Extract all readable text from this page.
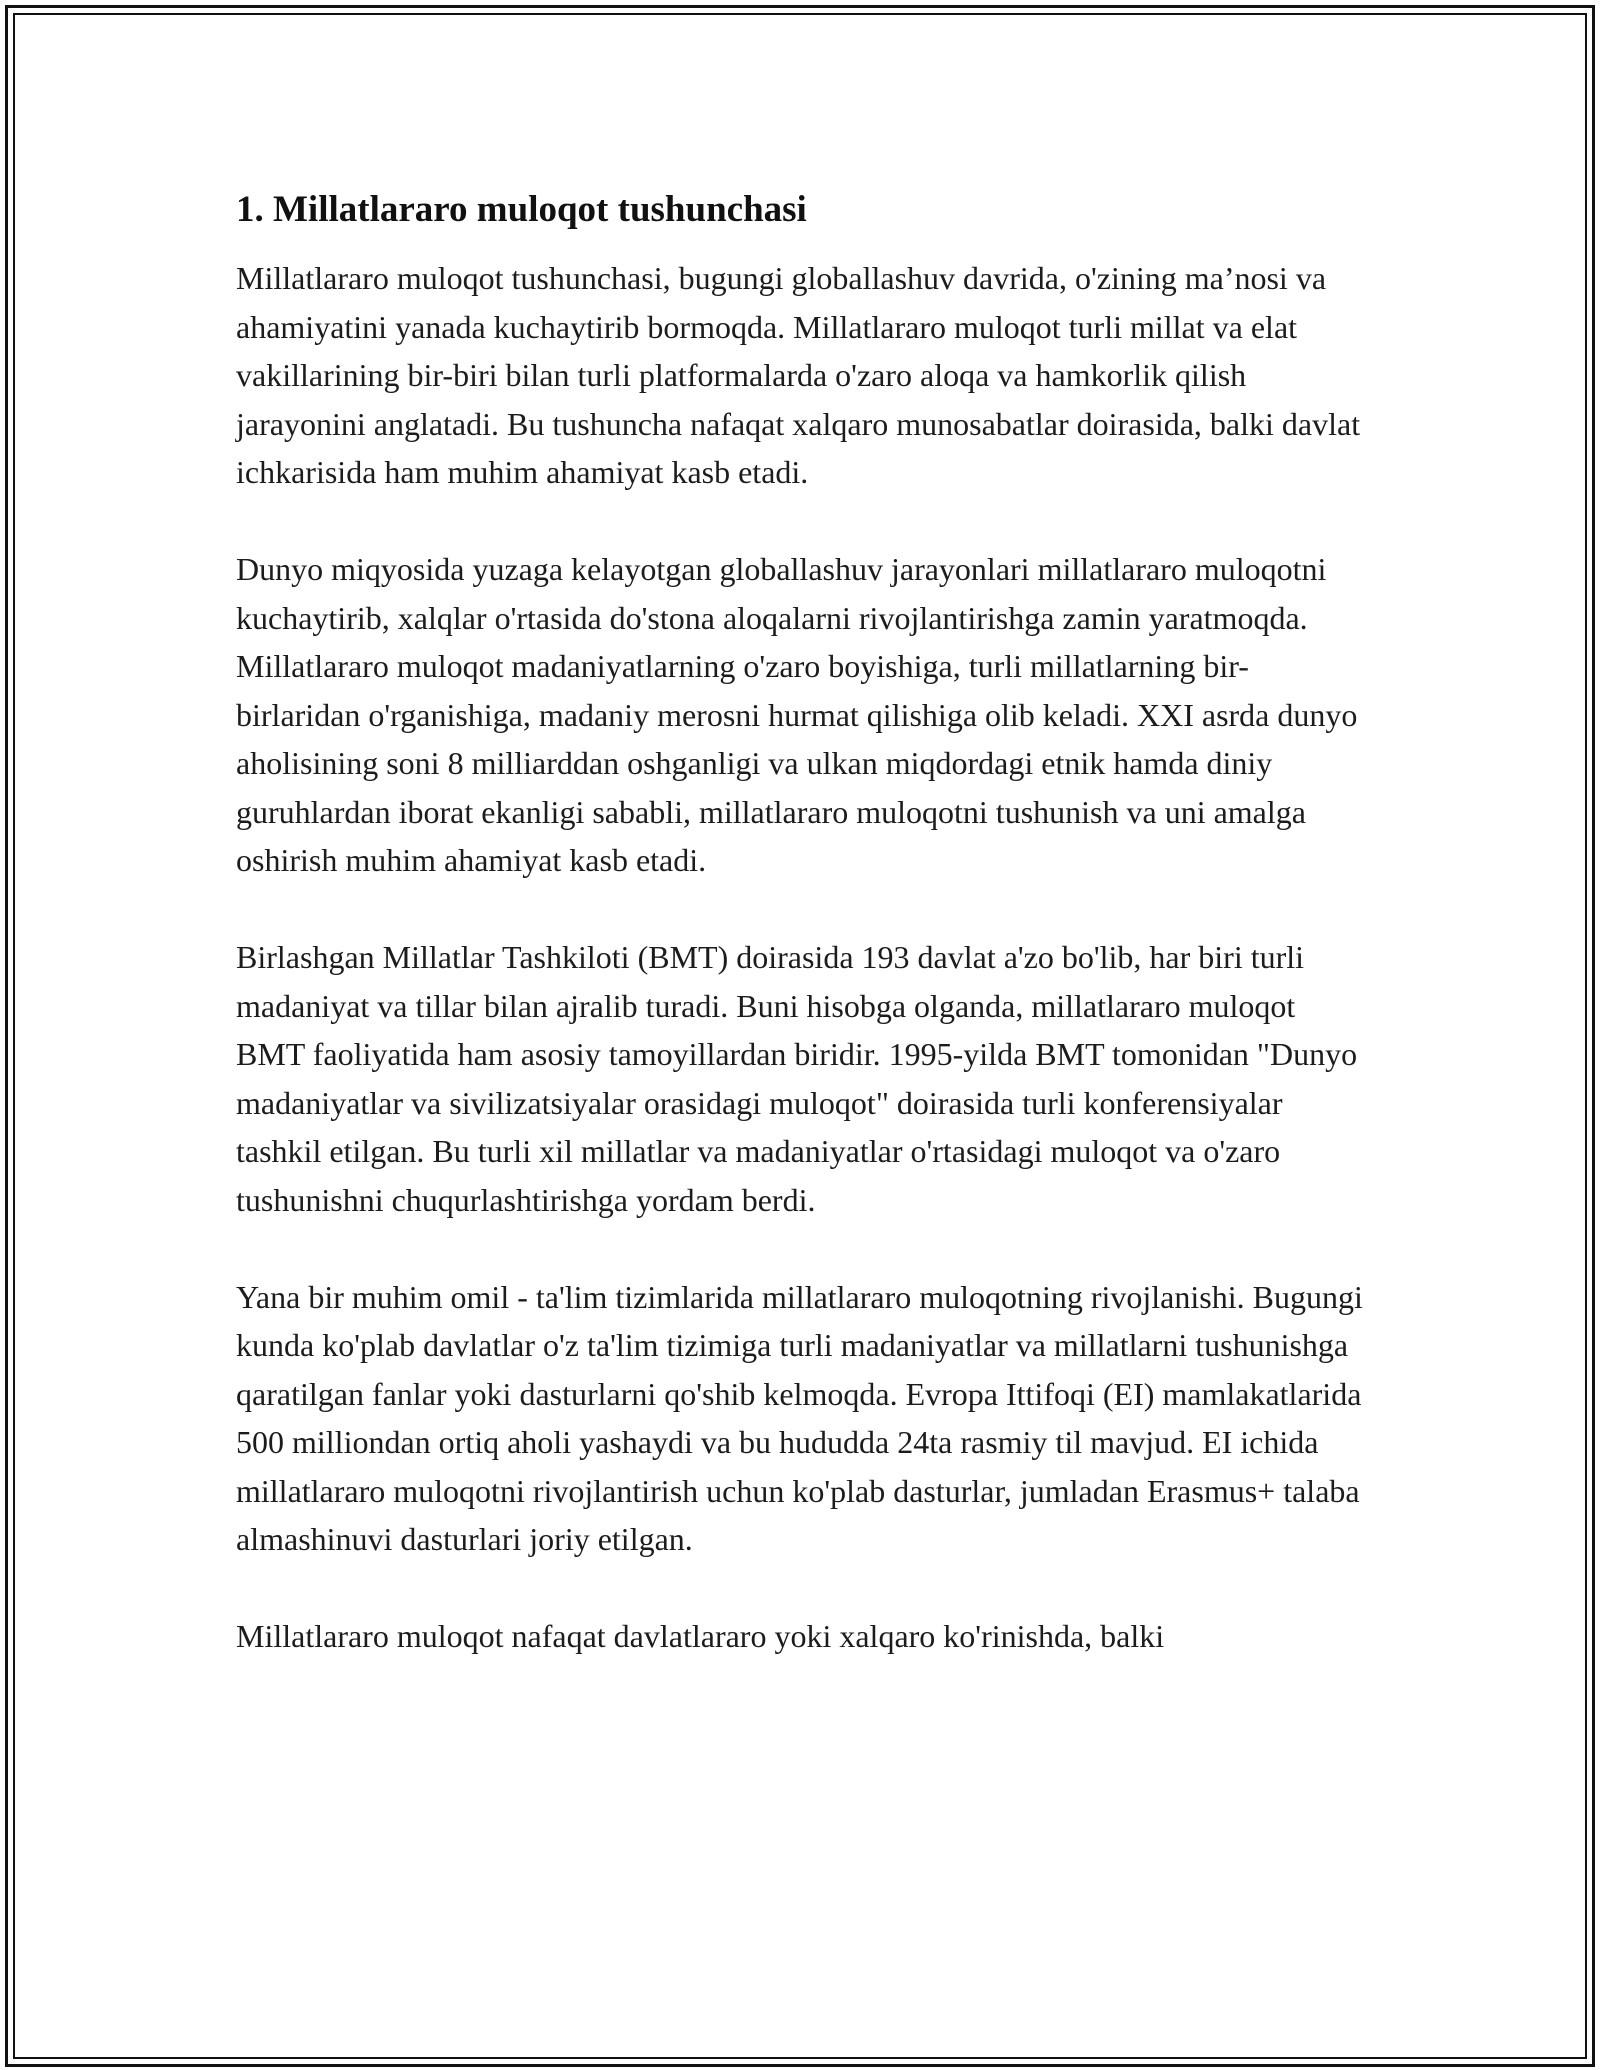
1. Millatlararo muloqot tushunchasi

Millatlararo muloqot tushunchasi, bugungi globallashuv davrida, o'zining ma’nosi va ahamiyatini yanada kuchaytirib bormoqda. Millatlararo muloqot turli millat va elat vakillarining bir-biri bilan turli platformalarda o'zaro aloqa va hamkorlik qilish jarayonini anglatadi. Bu tushuncha nafaqat xalqaro munosabatlar doirasida, balki davlat ichkarisida ham muhim ahamiyat kasb etadi.

Dunyo miqyosida yuzaga kelayotgan globallashuv jarayonlari millatlararo muloqotni kuchaytirib, xalqlar o'rtasida do'stona aloqalarni rivojlantirishga zamin yaratmoqda. Millatlararo muloqot madaniyatlarning o'zaro boyishiga, turli millatlarning bir-birlaridan o'rganishiga, madaniy merosni hurmat qilishiga olib keladi. XXI asrda dunyo aholisining soni 8 milliarddan oshganligi va ulkan miqdordagi etnik hamda diniy guruhlardan iborat ekanligi sababli, millatlararo muloqotni tushunish va uni amalga oshirish muhim ahamiyat kasb etadi.

Birlashgan Millatlar Tashkiloti (BMT) doirasida 193 davlat a'zo bo'lib, har biri turli madaniyat va tillar bilan ajralib turadi. Buni hisobga olganda, millatlararo muloqot BMT faoliyatida ham asosiy tamoyillardan biridir. 1995-yilda BMT tomonidan "Dunyo madaniyatlar va sivilizatsiyalar orasidagi muloqot" doirasida turli konferensiyalar tashkil etilgan. Bu turli xil millatlar va madaniyatlar o'rtasidagi muloqot va o'zaro tushunishni chuqurlashtirishga yordam berdi.

Yana bir muhim omil - ta'lim tizimlarida millatlararo muloqotning rivojlanishi. Bugungi kunda ko'plab davlatlar o'z ta'lim tizimiga turli madaniyatlar va millatlarni tushunishga qaratilgan fanlar yoki dasturlarni qo'shib kelmoqda. Evropa Ittifoqi (EI) mamlakatlarida 500 milliondan ortiq aholi yashaydi va bu hududda 24ta rasmiy til mavjud. EI ichida millatlararo muloqotni rivojlantirish uchun ko'plab dasturlar, jumladan Erasmus+ talaba almashinuvi dasturlari joriy etilgan.

Millatlararo muloqot nafaqat davlatlararo yoki xalqaro ko'rinishda, balki
